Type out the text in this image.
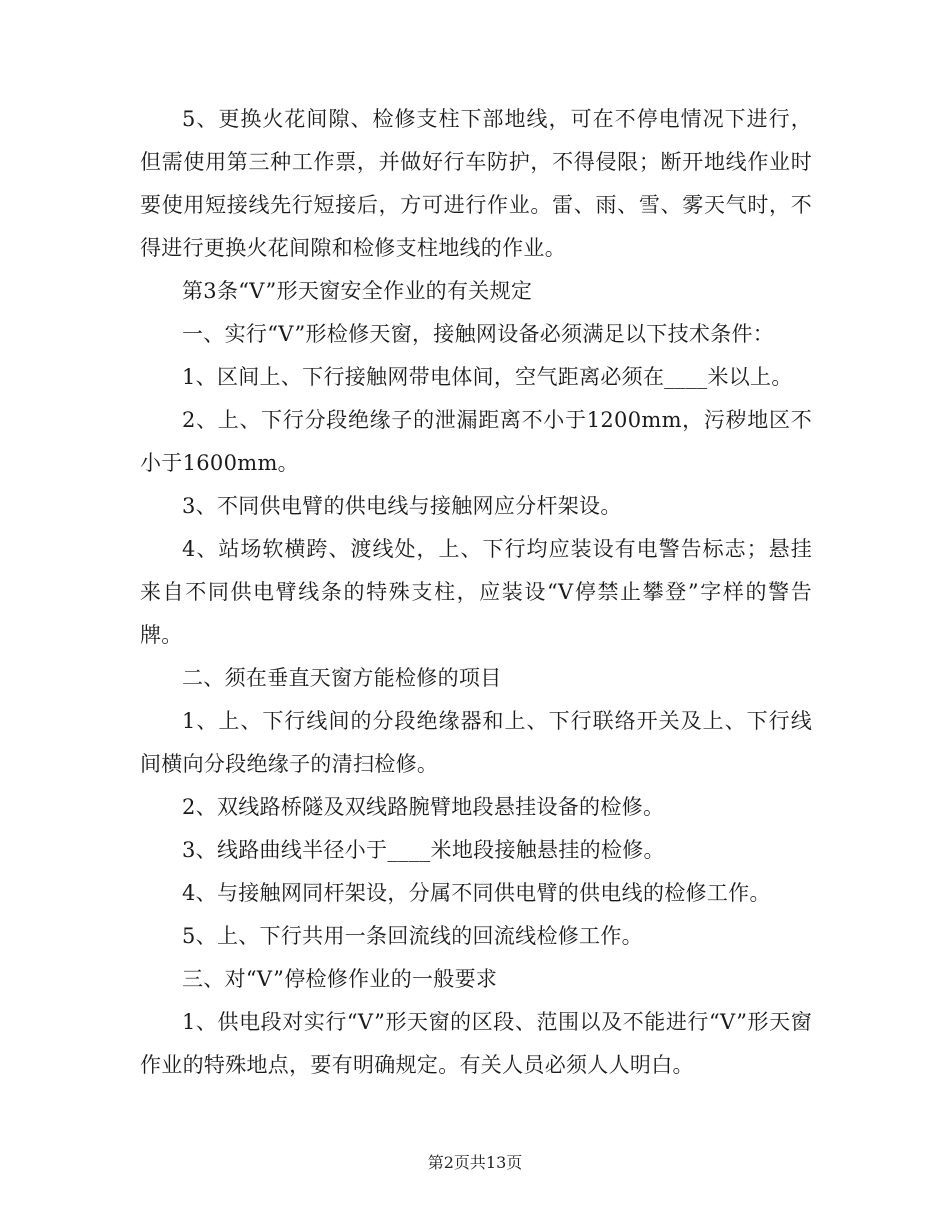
5、更换火花间隙、检修支柱下部地线，可在不停电情况下进行，但需使用第三种工作票，并做好行车防护，不得侵限；断开地线作业时要使用短接线先行短接后，方可进行作业。雷、雨、雪、雾天气时，不得进行更换火花间隙和检修支柱地线的作业。

第3条“V”形天窗安全作业的有关规定

一、实行“V”形检修天窗，接触网设备必须满足以下技术条件：

1、区间上、下行接触网带电体间，空气距离必须在____米以上。

2、上、下行分段绝缘子的泄漏距离不小于1200mm，污秽地区不小于1600mm。

3、不同供电臂的供电线与接触网应分杆架设。

4、站场软横跨、渡线处，上、下行均应装设有电警告标志；悬挂来自不同供电臂线条的特殊支柱，应装设“V停禁止攀登”字样的警告牌。

二、须在垂直天窗方能检修的项目

1、上、下行线间的分段绝缘器和上、下行联络开关及上、下行线间横向分段绝缘子的清扫检修。

2、双线路桥隧及双线路腕臂地段悬挂设备的检修。

3、线路曲线半径小于____米地段接触悬挂的检修。

4、与接触网同杆架设，分属不同供电臂的供电线的检修工作。

5、上、下行共用一条回流线的回流线检修工作。

三、对“V”停检修作业的一般要求

1、供电段对实行“V”形天窗的区段、范围以及不能进行“V”形天窗作业的特殊地点，要有明确规定。有关人员必须人人明白。

第2页共13页
